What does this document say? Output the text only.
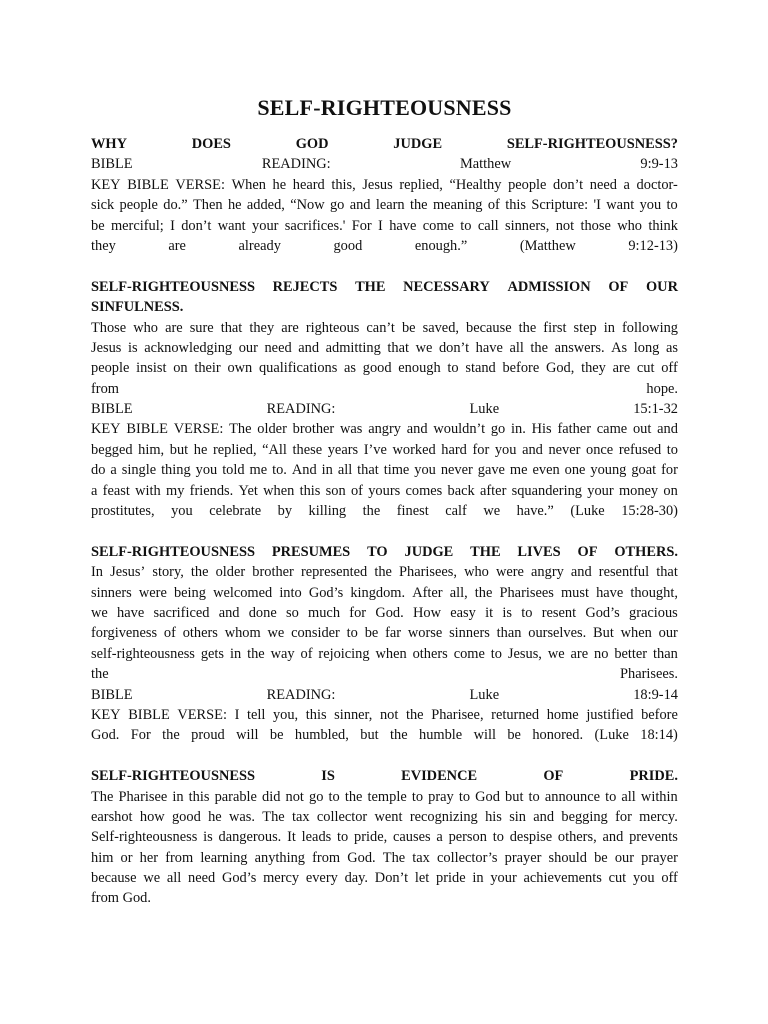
SELF-RIGHTEOUSNESS
WHY	DOES	GOD	JUDGE	SELF-RIGHTEOUSNESS?
BIBLE	READING:	Matthew	9:9-13
KEY BIBLE VERSE: When he heard this, Jesus replied, “Healthy people don’t need a doctor-
sick people do.” Then he added, “Now go and learn the meaning of this Scripture: 'I want you to
be merciful; I don’t want your sacrifices.' For I have come to call sinners, not those who think
they	are	already	good	enough.”	(Matthew	9:12-13)
SELF-RIGHTEOUSNESS REJECTS THE NECESSARY ADMISSION OF OUR
SINFULNESS.
Those who are sure that they are righteous can’t be saved, because the first step in following
Jesus is acknowledging our need and admitting that we don’t have all the answers. As long as
people insist on their own qualifications as good enough to stand before God, they are cut off
from	hope.
BIBLE	READING:	Luke	15:1-32
KEY BIBLE VERSE: The older brother was angry and wouldn’t go in. His father came out and
begged him, but he replied, “All these years I’ve worked hard for you and never once refused to
do a single thing you told me to. And in all that time you never gave me even one young goat for
a feast with my friends. Yet when this son of yours comes back after squandering your money on
prostitutes, you celebrate by killing the finest calf we have.” (Luke 15:28-30)
SELF-RIGHTEOUSNESS PRESUMES TO JUDGE THE LIVES OF OTHERS.
In Jesus’ story, the older brother represented the Pharisees, who were angry and resentful that
sinners were being welcomed into God’s kingdom. After all, the Pharisees must have thought,
we have sacrificed and done so much for God. How easy it is to resent God’s gracious
forgiveness of others whom we consider to be far worse sinners than ourselves. But when our
self-righteousness gets in the way of rejoicing when others come to Jesus, we are no better than
the	Pharisees.
BIBLE	READING:	Luke	18:9-14
KEY BIBLE VERSE: I tell you, this sinner, not the Pharisee, returned home justified before
God. For the proud will be humbled, but the humble will be honored. (Luke 18:14)
SELF-RIGHTEOUSNESS	IS	EVIDENCE	OF	PRIDE.
The Pharisee in this parable did not go to the temple to pray to God but to announce to all within
earshot how good he was. The tax collector went recognizing his sin and begging for mercy.
Self-righteousness is dangerous. It leads to pride, causes a person to despise others, and prevents
him or her from learning anything from God. The tax collector’s prayer should be our prayer
because we all need God’s mercy every day. Don’t let pride in your achievements cut you off
from God.
